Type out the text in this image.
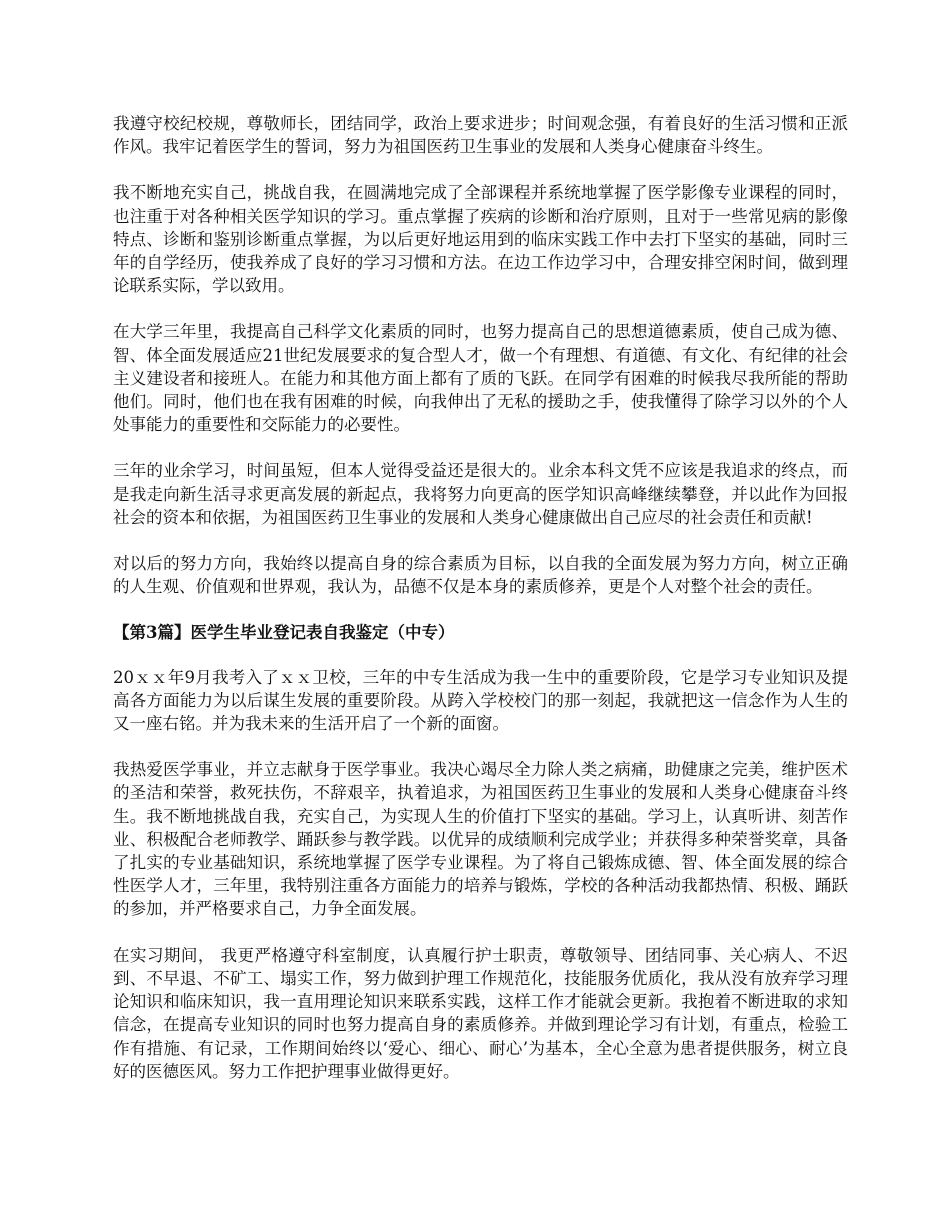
我遵守校纪校规，尊敬师长，团结同学，政治上要求进步；时间观念强，有着良好的生活习惯和正派作风。我牢记着医学生的誓词，努力为祖国医药卫生事业的发展和人类身心健康奋斗终生。

我不断地充实自己，挑战自我，在圆满地完成了全部课程并系统地掌握了医学影像专业课程的同时，也注重于对各种相关医学知识的学习。重点掌握了疾病的诊断和治疗原则，且对于一些常见病的影像特点、诊断和鉴别诊断重点掌握，为以后更好地运用到的临床实践工作中去打下坚实的基础，同时三年的自学经历，使我养成了良好的学习习惯和方法。在边工作边学习中，合理安排空闲时间，做到理论联系实际，学以致用。

在大学三年里，我提高自己科学文化素质的同时，也努力提高自己的思想道德素质，使自己成为德、智、体全面发展适应21世纪发展要求的复合型人才，做一个有理想、有道德、有文化、有纪律的社会主义建设者和接班人。在能力和其他方面上都有了质的飞跃。在同学有困难的时候我尽我所能的帮助他们。同时，他们也在我有困难的时候，向我伸出了无私的援助之手，使我懂得了除学习以外的个人处事能力的重要性和交际能力的必要性。

三年的业余学习，时间虽短，但本人觉得受益还是很大的。业余本科文凭不应该是我追求的终点，而是我走向新生活寻求更高发展的新起点，我将努力向更高的医学知识高峰继续攀登，并以此作为回报社会的资本和依据，为祖国医药卫生事业的发展和人类身心健康做出自己应尽的社会责任和贡献!

对以后的努力方向，我始终以提高自身的综合素质为目标，以自我的全面发展为努力方向，树立正确的人生观、价值观和世界观，我认为，品德不仅是本身的素质修养，更是个人对整个社会的责任。

【第3篇】医学生毕业登记表自我鉴定（中专）

20ｘｘ年9月我考入了ｘｘ卫校，三年的中专生活成为我一生中的重要阶段，它是学习专业知识及提高各方面能力为以后谋生发展的重要阶段。从跨入学校校门的那一刻起，我就把这一信念作为人生的又一座右铭。并为我未来的生活开启了一个新的面窗。

我热爱医学事业，并立志献身于医学事业。我决心竭尽全力除人类之病痛，助健康之完美，维护医术的圣洁和荣誉，救死扶伤，不辞艰辛，执着追求，为祖国医药卫生事业的发展和人类身心健康奋斗终生。我不断地挑战自我，充实自己，为实现人生的价值打下坚实的基础。学习上，认真听讲、刻苦作业、积极配合老师教学、踊跃参与教学践。以优异的成绩顺利完成学业；并获得多种荣誉奖章，具备了扎实的专业基础知识，系统地掌握了医学专业课程。为了将自己锻炼成德、智、体全面发展的综合性医学人才，三年里，我特别注重各方面能力的培养与锻炼，学校的各种活动我都热情、积极、踊跃的参加，并严格要求自己，力争全面发展。

在实习期间， 我更严格遵守科室制度，认真履行护士职责，尊敬领导、团结同事、关心病人、不迟到、不早退、不矿工、塌实工作，努力做到护理工作规范化，技能服务优质化，我从没有放弃学习理论知识和临床知识，我一直用理论知识来联系实践，这样工作才能就会更新。我抱着不断进取的求知信念，在提高专业知识的同时也努力提高自身的素质修养。并做到理论学习有计划，有重点，检验工作有措施、有记录，工作期间始终以‘爱心、细心、耐心’为基本，全心全意为患者提供服务，树立良好的医德医风。努力工作把护理事业做得更好。
